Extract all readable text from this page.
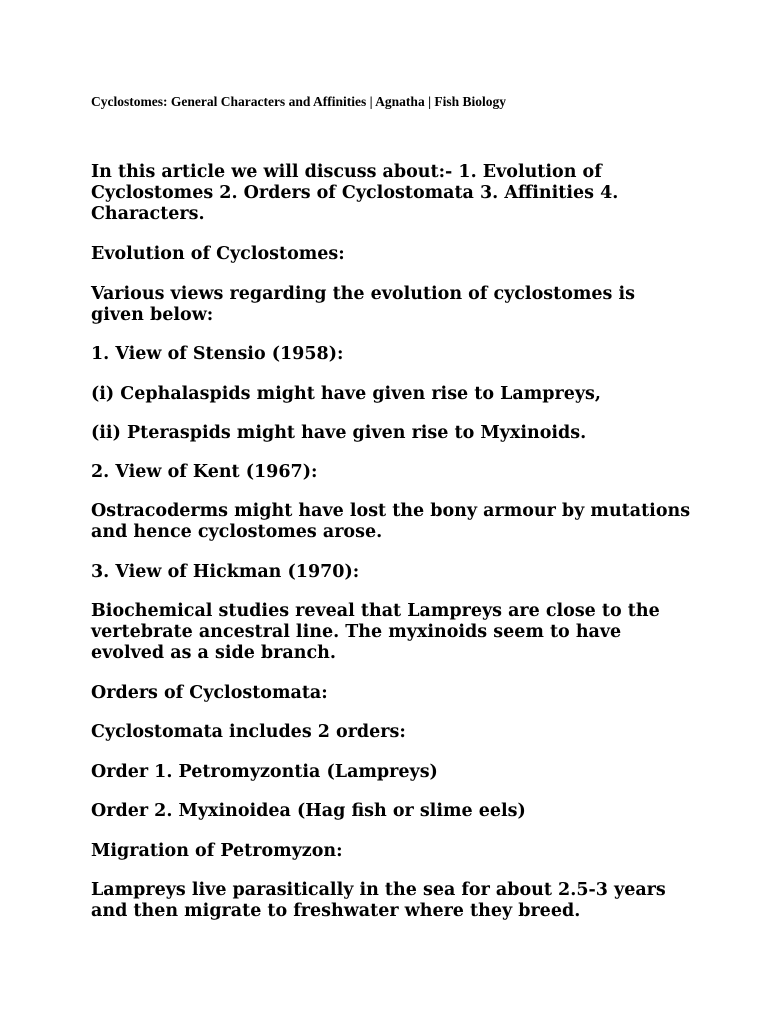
Cyclostomes: General Characters and Affinities | Agnatha | Fish Biology

In this article we will discuss about:- 1. Evolution of Cyclostomes 2. Orders of Cyclostomata 3. Affinities 4. Characters.

Evolution of Cyclostomes:

Various views regarding the evolution of cyclostomes is given below:

1. View of Stensio (1958):

(i) Cephalaspids might have given rise to Lampreys,

(ii) Pteraspids might have given rise to Myxinoids.

2. View of Kent (1967):

Ostracoderms might have lost the bony armour by mutations and hence cyclostomes arose.

3. View of Hickman (1970):

Biochemical studies reveal that Lampreys are close to the vertebrate ancestral line. The myxinoids seem to have evolved as a side branch.

Orders of Cyclostomata:

Cyclostomata includes 2 orders:

Order 1. Petromyzontia (Lampreys)

Order 2. Myxinoidea (Hag fish or slime eels)

Migration of Petromyzon:

Lampreys live parasitically in the sea for about 2.5-3 years and then migrate to freshwater where they breed.
